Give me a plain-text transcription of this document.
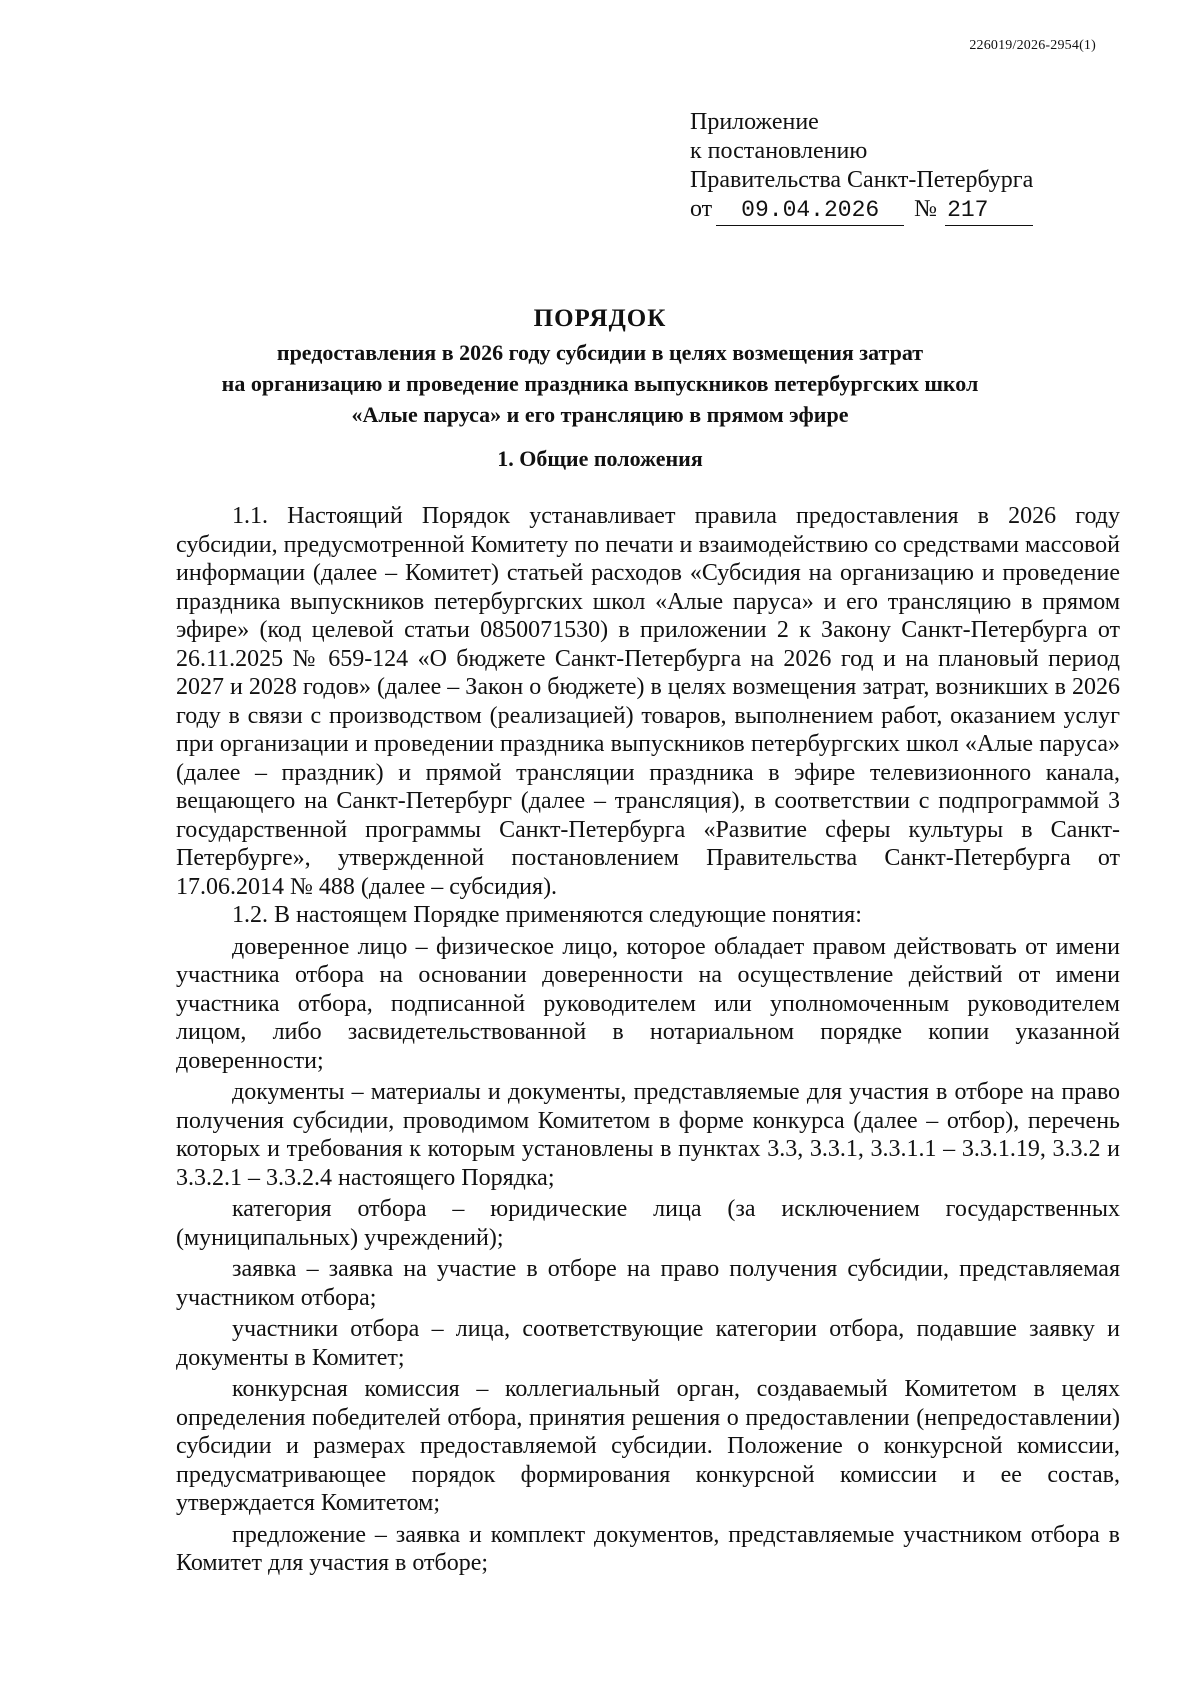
226019/2026-2954(1)
Приложение
к постановлению
Правительства Санкт-Петербурга
от	09.04.2026	№ 217
ПОРЯДОК
предоставления в 2026 году субсидии в целях возмещения затрат
на организацию и проведение праздника выпускников петербургских школ
«Алые паруса» и его трансляцию в прямом эфире
1. Общие положения

1.1. Настоящий Порядок устанавливает правила предоставления в 2026 году субсидии, предусмотренной Комитету по печати и взаимодействию со средствами массовой информации (далее – Комитет) статьей расходов «Субсидия на организацию и проведение праздника выпускников петербургских школ «Алые паруса» и его трансляцию в прямом эфире» (код целевой статьи 0850071530) в приложении 2 к Закону Санкт-Петербурга от 26.11.2025 № 659-124 «О бюджете Санкт-Петербурга на 2026 год и на плановый период 2027 и 2028 годов» (далее – Закон о бюджете) в целях возмещения затрат, возникших в 2026 году в связи с производством (реализацией) товаров, выполнением работ, оказанием услуг при организации и проведении праздника выпускников петербургских школ «Алые паруса» (далее – праздник) и прямой трансляции праздника в эфире телевизионного канала, вещающего на Санкт-Петербург (далее – трансляция), в соответствии с подпрограммой 3 государственной программы Санкт-Петербурга «Развитие сферы культуры в Санкт-Петербурге», утвержденной постановлением Правительства Санкт-Петербурга от 17.06.2014 № 488 (далее – субсидия).

1.2. В настоящем Порядке применяются следующие понятия:

доверенное лицо – физическое лицо, которое обладает правом действовать от имени участника отбора на основании доверенности на осуществление действий от имени участника отбора, подписанной руководителем или уполномоченным руководителем лицом, либо засвидетельствованной в нотариальном порядке копии указанной доверенности;

документы – материалы и документы, представляемые для участия в отборе на право получения субсидии, проводимом Комитетом в форме конкурса (далее – отбор), перечень которых и требования к которым установлены в пунктах 3.3, 3.3.1, 3.3.1.1 – 3.3.1.19, 3.3.2 и 3.3.2.1 – 3.3.2.4 настоящего Порядка;

категория отбора – юридические лица (за исключением государственных (муниципальных) учреждений);

заявка – заявка на участие в отборе на право получения субсидии, представляемая участником отбора;

участники отбора – лица, соответствующие категории отбора, подавшие заявку и документы в Комитет;

конкурсная комиссия – коллегиальный орган, создаваемый Комитетом в целях определения победителей отбора, принятия решения о предоставлении (непредоставлении) субсидии и размерах предоставляемой субсидии. Положение о конкурсной комиссии, предусматривающее порядок формирования конкурсной комиссии и ее состав, утверждается Комитетом;

предложение – заявка и комплект документов, представляемые участником отбора в Комитет для участия в отборе;
